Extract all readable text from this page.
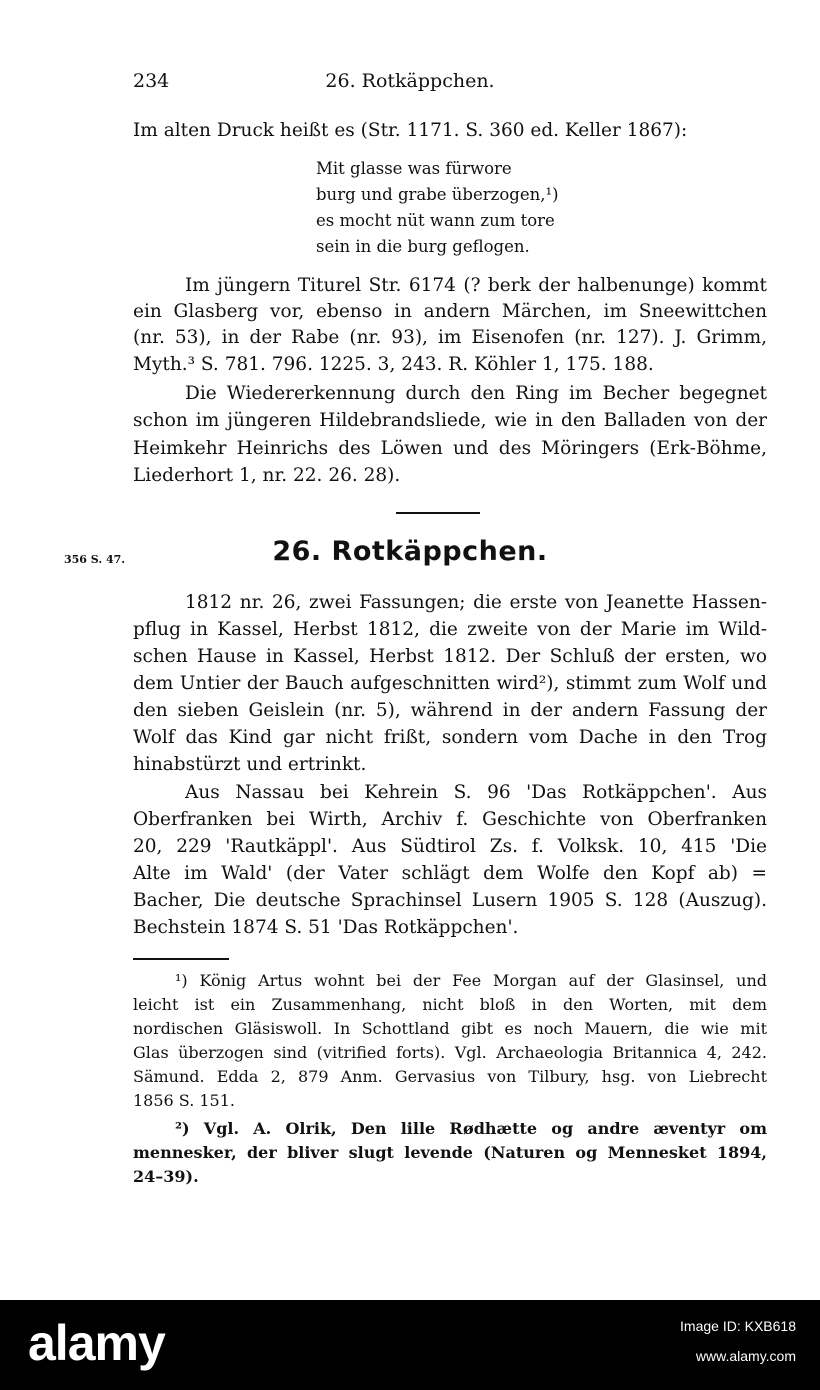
234	26. Rotkäppchen.
Im alten Druck heißt es (Str. 1171. S. 360 ed. Keller 1867):
Mit glasse was fürwore
burg und grabe überzogen,¹)
es mocht nüt wann zum tore
sein in die burg geflogen.
Im jüngern Titurel Str. 6174 (? berk der halbenunge) kommt
ein Glasberg vor, ebenso in andern Märchen, im Sneewittchen
(nr. 53), in der Rabe (nr. 93), im Eisenofen (nr. 127). J. Grimm,
Myth.³ S. 781. 796. 1225. 3, 243. R. Köhler 1, 175. 188.
Die Wiedererkennung durch den Ring im Becher begegnet
schon im jüngeren Hildebrandsliede, wie in den Balladen von der
Heimkehr Heinrichs des Löwen und des Möringers (Erk-Böhme,
Liederhort 1, nr. 22. 26. 28).
356 S. 47.	26. Rotkäppchen.
1812 nr. 26, zwei Fassungen; die erste von Jeanette Hassen-
pflug in Kassel, Herbst 1812, die zweite von der Marie im Wild-
schen Hause in Kassel, Herbst 1812. Der Schluß der ersten, wo
dem Untier der Bauch aufgeschnitten wird²), stimmt zum Wolf und
den sieben Geislein (nr. 5), während in der andern Fassung der
Wolf das Kind gar nicht frißt, sondern vom Dache in den Trog
hinabstürzt und ertrinkt.
Aus Nassau bei Kehrein S. 96 'Das Rotkäppchen'. Aus
Oberfranken bei Wirth, Archiv f. Geschichte von Oberfranken
20, 229 'Rautkäppl'. Aus Südtirol Zs. f. Volksk. 10, 415 'Die
Alte im Wald' (der Vater schlägt dem Wolfe den Kopf ab) =
Bacher, Die deutsche Sprachinsel Lusern 1905 S. 128 (Auszug).
Bechstein 1874 S. 51 'Das Rotkäppchen'.
¹) König Artus wohnt bei der Fee Morgan auf der Glasinsel, und
leicht ist ein Zusammenhang, nicht bloß in den Worten, mit dem
nordischen Gläsiswoll. In Schottland gibt es noch Mauern, die wie mit
Glas überzogen sind (vitrified forts). Vgl. Archaeologia Britannica 4, 242.
Sämund. Edda 2, 879 Anm. Gervasius von Tilbury, hsg. von Liebrecht
1856 S. 151.
²) Vgl. A. Olrik, Den lille Rødhætte og andre æventyr om
mennesker, der bliver slugt levende (Naturen og Mennesket 1894,
24–39).
alamy	Image ID: KXB618
www.alamy.com
